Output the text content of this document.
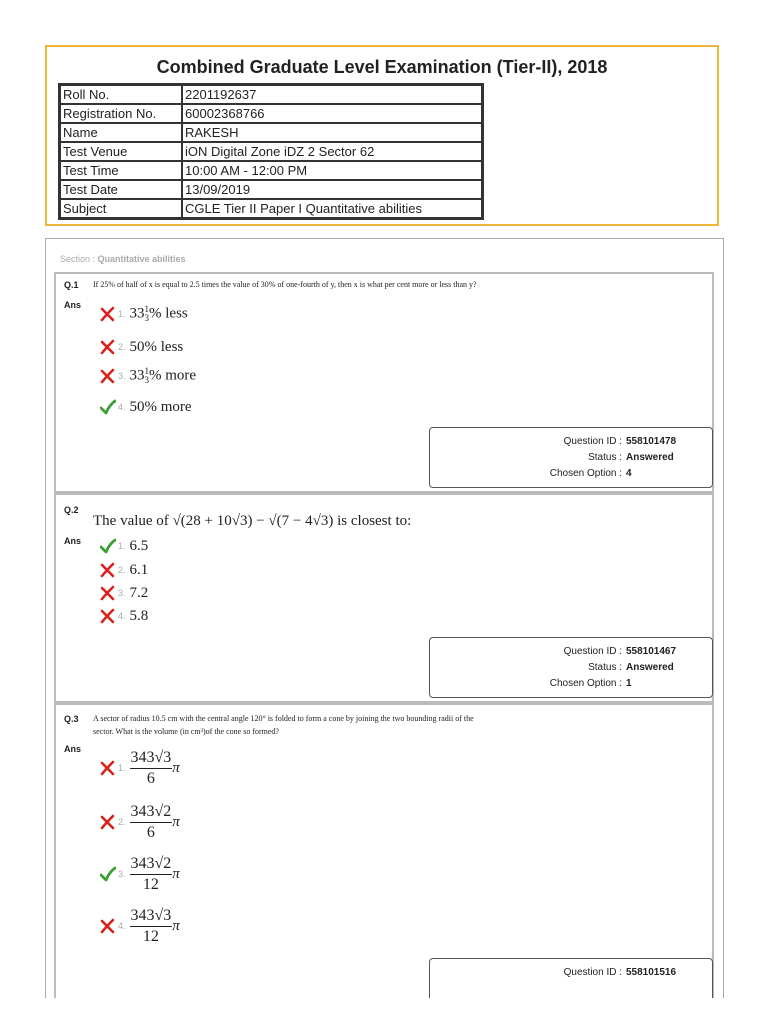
Combined Graduate Level Examination (Tier-II), 2018
Roll No.	2201192637
Registration No.	60002368766
Name	RAKESH
Test Venue	iON Digital Zone iDZ 2 Sector 62
Test Time	10:00 AM - 12:00 PM
Test Date	13/09/2019
Subject	CGLE Tier II Paper I Quantitative abilities
Section : Quantitative abilities
Q.1 If 25% of half of x is equal to 2.5 times the value of 30% of one-fourth of y, then x is what per cent more or less than y?
Ans
1. 33 1
3 % less
2. 50% less
3. 33 1
3 % more
4. 50% more
Question ID : 558101478
Status : Answered
Chosen Option : 4
Q.2
The value of √(28 + 10√3) − √(7 − 4√3) is closest to:
Ans	1. 6.5
2. 6.1
3. 7.2
4. 5.8
Question ID : 558101467
Status : Answered
Chosen Option : 1
Q.3 A sector of radius 10.5 cm with the central angle 120° is folded to form a cone by joining the two bounding radii of the
sector. What is the volume (in cm³)of the cone so formed?
Ans
1. $\frac{343√3}{6}$ π
2. $\frac{343√2}{6}$ π
3. $\frac{343√2}{12}$ π
4. $\frac{343√3}{12}$ π
Question ID : 558101516
